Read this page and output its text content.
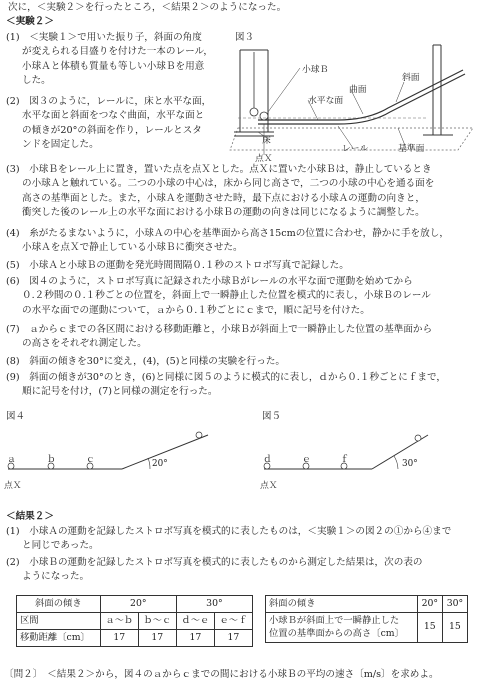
次に，＜実験２＞を行ったところ，＜結果２＞のようになった。
＜実験２＞
(1)　 ＜実験１＞で用いた振り子，斜面の角度
が変えられる目盛りを付けた一本のレール，
小球Ａと体積も質量も等しい小球Ｂを用意
した。
(2)　 図３のように，レールに，床と水平な面，
水平な面と斜面をつなぐ曲面，水平な面と
の傾きが20°の斜面を作り，レールとスタ
ンドを固定した。
図３
小球Ｂ
斜面
曲面
水平な面
床
レール	基準面
点Ｘ
(3)　 小球Ｂをレール上に置き，置いた点を点Ｘとした。点Ｘに置いた小球Ｂは，静止しているとき
の小球Ａと触れている。二つの小球の中心は，床から同じ高さで，二つの小球の中心を通る面を
高さの基準面とした。また，小球Ａを運動させた時，最下点における小球Ａの運動の向きと，
衝突した後のレール上の水平な面における小球Ｂの運動の向きは同じになるように調整した。
(4)　 糸がたるまないように，小球Ａの中心を基準面から高さ15cmの位置に合わせ，静かに手を放し，
小球Ａを点Ｘで静止している小球Ｂに衝突させた。
(5)　 小球Ａと小球Ｂの運動を発光時間間隔０.１秒のストロボ写真で記録した。
(6)　 図４のように，ストロボ写真に記録された小球Ｂがレールの水平な面で運動を始めてから
０.２秒間の０.１秒ごとの位置を，斜面上で一瞬静止した位置を模式的に表し，小球Ｂのレール
の水平な面での運動について，ａから０.１秒ごとにｃまで，順に記号を付けた。
(7)　 ａからｃまでの各区間における移動距離と，小球Ｂが斜面上で一瞬静止した位置の基準面から
の高さをそれぞれ測定した。
(8)　 斜面の傾きを30°に変え，(4)，(5)と同様の実験を行った。
(9)　 斜面の傾きが30°のとき，(6)と同様に図５のように模式的に表し，ｄから０.１秒ごとにｆまで，
順に記号を付け，(7)と同様の測定を行った。
図４
ａ	ｂ	ｃ	20°
点Ｘ
図５
ｄ	ｅ	ｆ	30°
点Ｘ
＜結果２＞
(1)　 小球Ａの運動を記録したストロボ写真を模式的に表したものは，＜実験１＞の図２の①から④まで
と同じであった。
(2)　 小球Ｂの運動を記録したストロボ写真を模式的に表したものから測定した結果は，次の表の
ようになった。
斜面の傾き	20°		30°	
区間	ａ～ｂ	ｂ～ｃ	ｄ～ｅ	ｅ～ｆ
移動距離〔cm〕	17	17	17	17
斜面の傾き	20°	30°

小球Ｂが斜面上で一瞬静止した
位置の基準面からの高さ〔cm〕	15	15
〔問２〕　＜結果２＞から，図４のａからｃまでの間における小球Ｂの平均の速さ〔m/s〕を求めよ。
